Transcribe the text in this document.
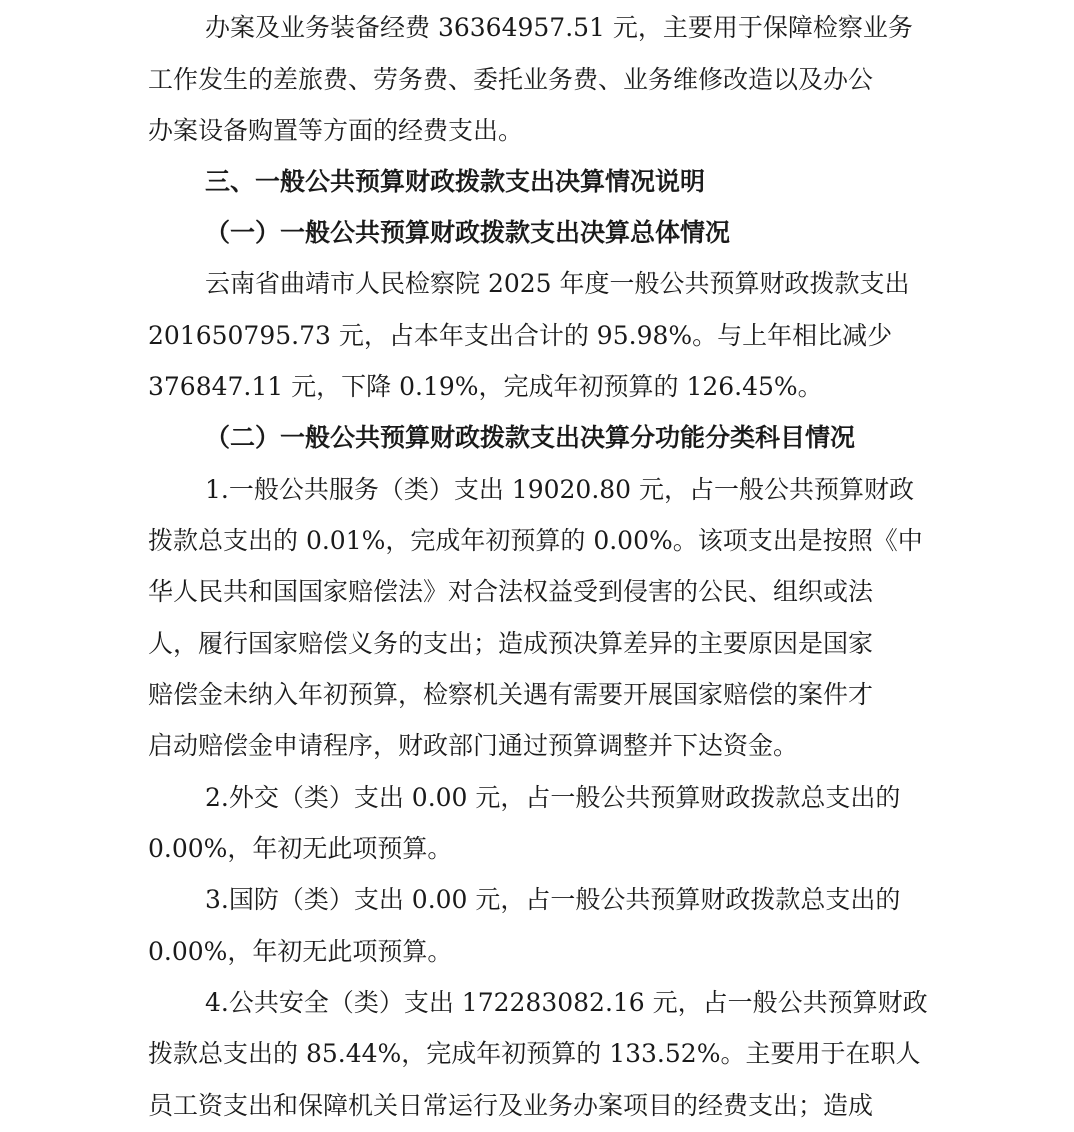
办案及业务装备经费 36364957.51 元，主要用于保障检察业务
工作发生的差旅费、劳务费、委托业务费、业务维修改造以及办公
办案设备购置等方面的经费支出。
三、一般公共预算财政拨款支出决算情况说明
（一）一般公共预算财政拨款支出决算总体情况
云南省曲靖市人民检察院 2025 年度一般公共预算财政拨款支出
201650795.73 元，占本年支出合计的 95.98%。与上年相比减少
376847.11 元，下降 0.19%，完成年初预算的 126.45%。
（二）一般公共预算财政拨款支出决算分功能分类科目情况
1.一般公共服务（类）支出 19020.80 元，占一般公共预算财政
拨款总支出的 0.01%，完成年初预算的 0.00%。该项支出是按照《中
华人民共和国国家赔偿法》对合法权益受到侵害的公民、组织或法
人，履行国家赔偿义务的支出；造成预决算差异的主要原因是国家
赔偿金未纳入年初预算，检察机关遇有需要开展国家赔偿的案件才
启动赔偿金申请程序，财政部门通过预算调整并下达资金。
2.外交（类）支出 0.00 元，占一般公共预算财政拨款总支出的
0.00%，年初无此项预算。
3.国防（类）支出 0.00 元，占一般公共预算财政拨款总支出的
0.00%，年初无此项预算。
4.公共安全（类）支出 172283082.16 元，占一般公共预算财政
拨款总支出的 85.44%，完成年初预算的 133.52%。主要用于在职人
员工资支出和保障机关日常运行及业务办案项目的经费支出；造成
